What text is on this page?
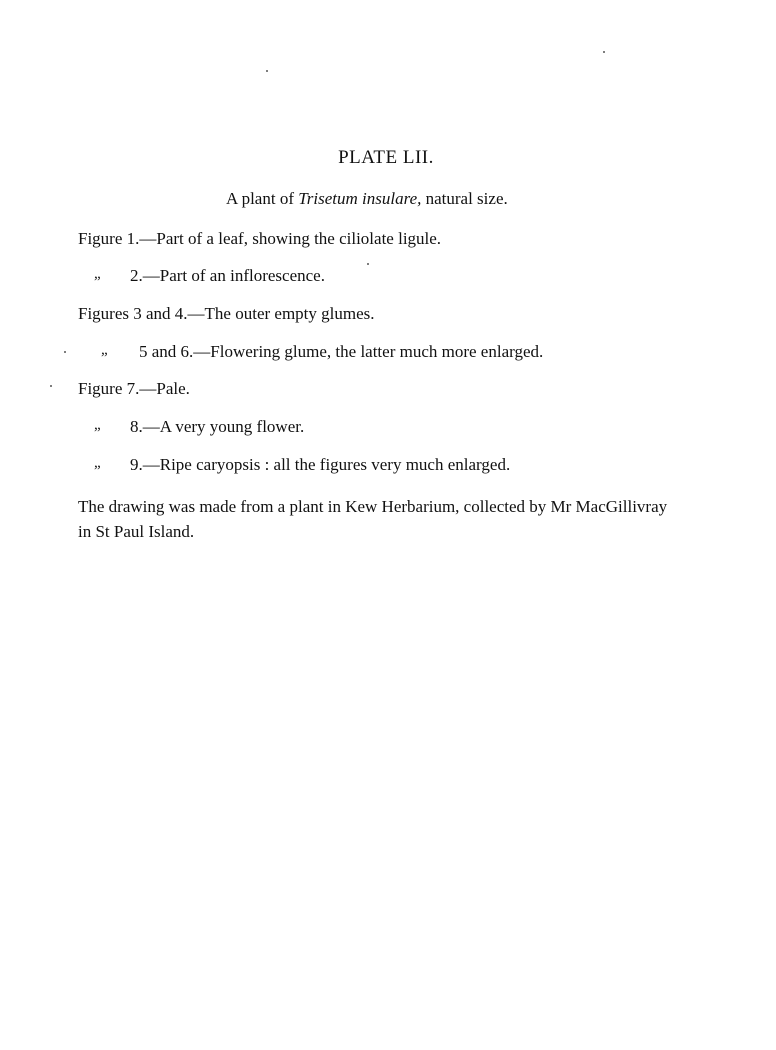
PLATE LII.
A plant of Trisetum insulare, natural size.
Figure 1.—Part of a leaf, showing the ciliolate ligule.
„ 2.—Part of an inflorescence.
Figures 3 and 4.—The outer empty glumes.
„ 5 and 6.—Flowering glume, the latter much more enlarged.
Figure 7.—Pale.
„ 8.—A very young flower.
„ 9.—Ripe caryopsis : all the figures very much enlarged.
The drawing was made from a plant in Kew Herbarium, collected by Mr MacGillivray
in St Paul Island.
